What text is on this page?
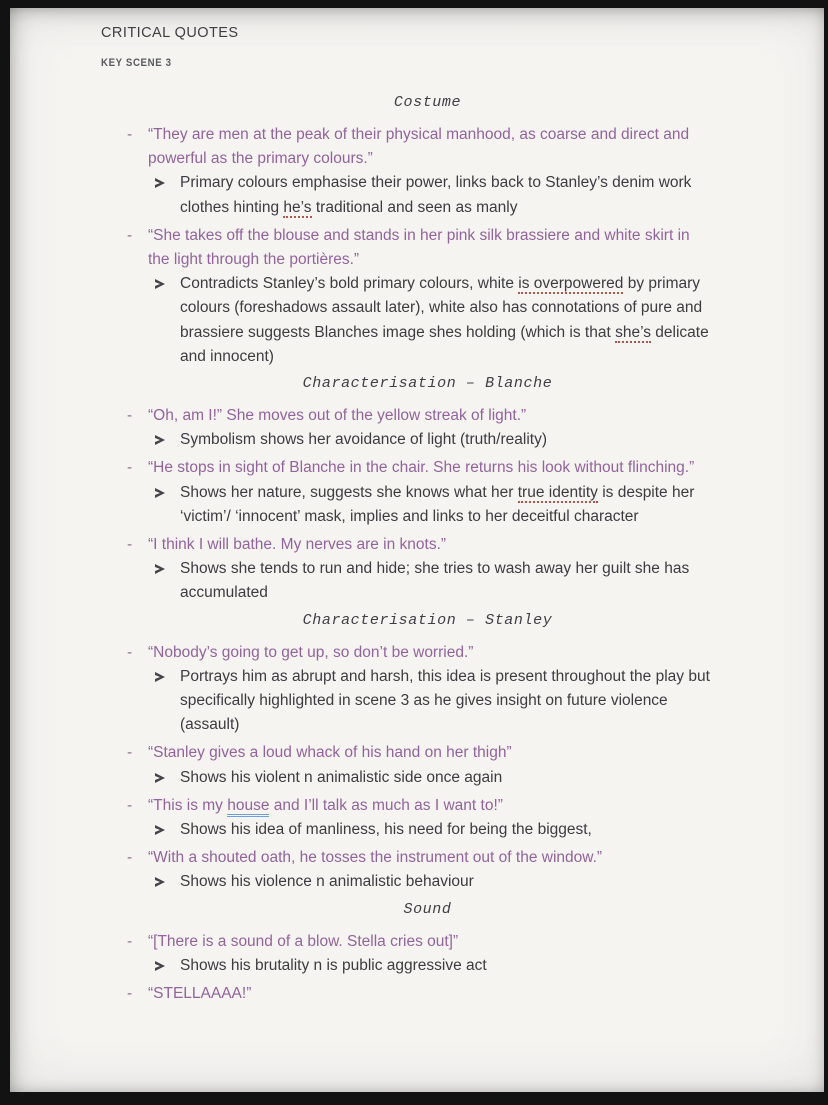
CRITICAL QUOTES
KEY SCENE 3
Costume
-	“They are men at the peak of their physical manhood, as coarse and direct and
powerful as the primary colours.”
Primary colours emphasise their power, links back to Stanley’s denim work
clothes hinting he’s traditional and seen as manly
-	“She takes off the blouse and stands in her pink silk brassiere and white skirt in
the light through the portières.”
Contradicts Stanley’s bold primary colours, white is overpowered by primary
colours (foreshadows assault later), white also has connotations of pure and
brassiere suggests Blanches image shes holding (which is that she’s delicate
and innocent)
Characterisation – Blanche
-	“Oh, am I!” She moves out of the yellow streak of light.”
Symbolism shows her avoidance of light (truth/reality)
-	“He stops in sight of Blanche in the chair. She returns his look without flinching.”
Shows her nature, suggests she knows what her true identity is despite her
‘victim’/ ‘innocent’ mask, implies and links to her deceitful character
-	“I think I will bathe. My nerves are in knots.”
Shows she tends to run and hide; she tries to wash away her guilt she has
accumulated
Characterisation – Stanley
-	“Nobody’s going to get up, so don’t be worried.”
Portrays him as abrupt and harsh, this idea is present throughout the play but
specifically highlighted in scene 3 as he gives insight on future violence
(assault)
-	“Stanley gives a loud whack of his hand on her thigh”
Shows his violent n animalistic side once again
-	“This is my house and I’ll talk as much as I want to!”
Shows his idea of manliness, his need for being the biggest,
-	“With a shouted oath, he tosses the instrument out of the window.”
Shows his violence n animalistic behaviour
Sound
-	“[There is a sound of a blow. Stella cries out]”
Shows his brutality n is public aggressive act
-	“STELLAAAA!”
